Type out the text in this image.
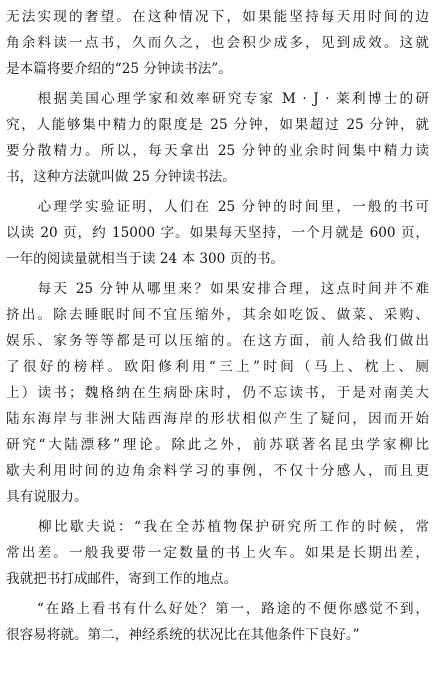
无法实现的奢望。在这种情况下，如果能坚持每天用时间的边
角余料读一点书，久而久之，也会积少成多，见到成效。这就
是本篇将要介绍的“25 分钟读书法”。
　　根据美国心理学家和效率研究专家 M · J · 莱利博士的研
究，人能够集中精力的限度是 25 分钟，如果超过 25 分钟，就
要分散精力。所以，每天拿出 25 分钟的业余时间集中精力读
书，这种方法就叫做 25 分钟读书法。
　　心理学实验证明，人们在 25 分钟的时间里，一般的书可
以读 20 页，约 15000 字。如果每天坚持，一个月就是 600 页，
一年的阅读量就相当于读 24 本 300 页的书。
　　每天 25 分钟从哪里来？如果安排合理，这点时间并不难
挤出。除去睡眠时间不宜压缩外，其余如吃饭、做菜、采购、
娱乐、家务等等都是可以压缩的。在这方面，前人给我们做出
了很好的榜样。欧阳修利用“三上”时间（马上、枕上、厕
上）读书；魏格纳在生病卧床时，仍不忘读书，于是对南美大
陆东海岸与非洲大陆西海岸的形状相似产生了疑问，因而开始
研究“大陆漂移”理论。除此之外，前苏联著名昆虫学家柳比
歇夫利用时间的边角余料学习的事例，不仅十分感人，而且更
具有说服力。
　　柳比歇夫说：“我在全苏植物保护研究所工作的时候，常
常出差。一般我要带一定数量的书上火车。如果是长期出差，
我就把书打成邮件，寄到工作的地点。
　　“在路上看书有什么好处？第一，路途的不便你感觉不到，
很容易将就。第二，神经系统的状况比在其他条件下良好。”
